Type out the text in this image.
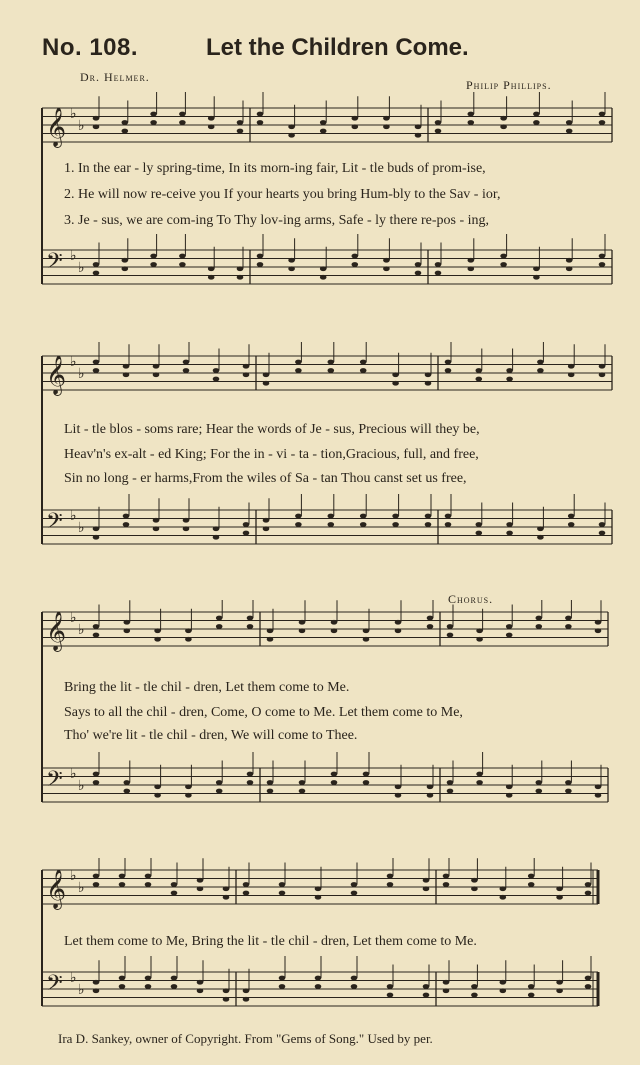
No. 108.	Let the Children Come.
Dr. Helmer.
Philip Phillips.
𝄞 ♭
♭
𝄢 ♭
♭
1. In the ear - ly spring-time, In its morn-ing fair, Lit - tle buds of prom-ise,
2. He will now re-ceive you If your hearts you bring Hum-bly to the Sav - ior,
3. Je - sus, we are com-ing To Thy lov-ing arms, Safe - ly there re-pos - ing,
𝄞 ♭
♭
𝄢 ♭
♭
Lit - tle blos - soms rare; Hear the words of Je - sus, Precious will they be,
Heav'n's ex-alt - ed King; For the in - vi - ta - tion,Gracious, full, and free,
Sin no long - er harms,From the wiles of Sa - tan Thou canst set us free,
Chorus.
𝄞 ♭
♭
𝄢 ♭
♭
Bring the lit - tle chil - dren, Let them come to Me.
Says to all the chil - dren, Come, O come to Me. Let them come to Me,
Tho' we're lit - tle chil - dren, We will come to Thee.
𝄞 ♭
♭
𝄢 ♭
♭
Let them come to Me, Bring the lit - tle chil - dren, Let them come to Me.
Ira D. Sankey, owner of Copyright. From "Gems of Song." Used by per.
